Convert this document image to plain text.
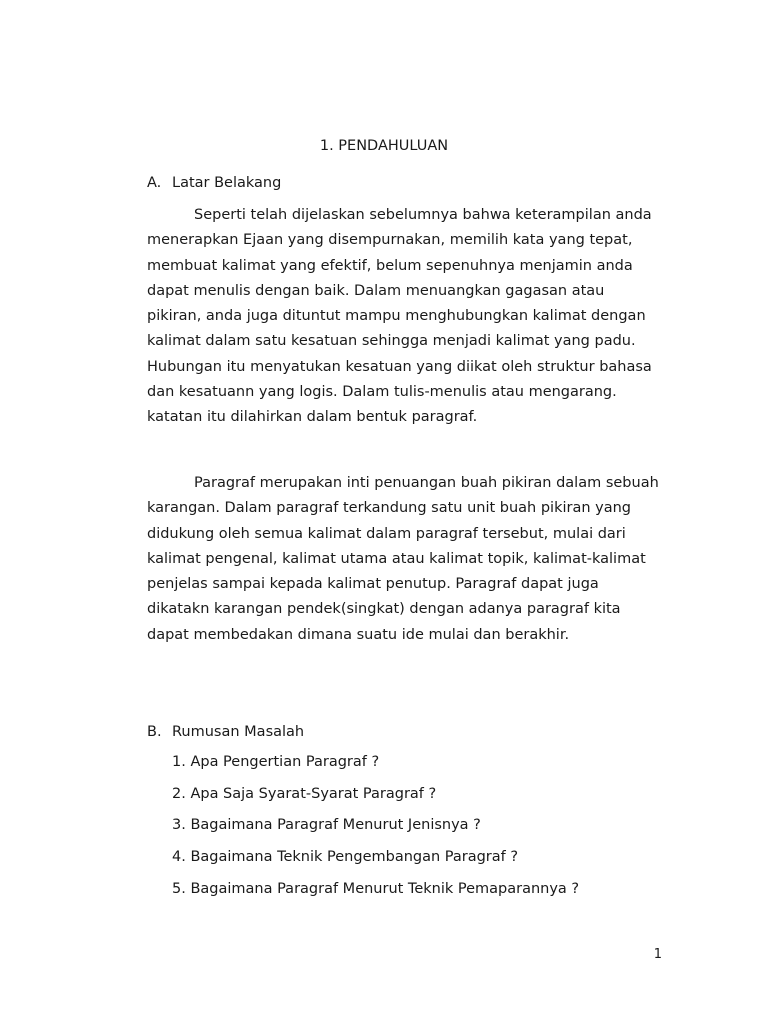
1. PENDAHULUAN
A. Latar Belakang

Seperti telah dijelaskan sebelumnya bahwa keterampilan anda menerapkan Ejaan yang disempurnakan, memilih kata yang tepat, membuat kalimat yang efektif, belum sepenuhnya menjamin anda dapat menulis dengan baik. Dalam menuangkan gagasan atau pikiran, anda juga dituntut mampu menghubungkan kalimat dengan kalimat dalam satu kesatuan sehingga menjadi kalimat yang padu. Hubungan itu menyatukan kesatuan yang diikat oleh struktur bahasa dan kesatuann yang logis. Dalam tulis-menulis atau mengarang. katatan itu dilahirkan dalam bentuk paragraf.

Paragraf merupakan inti penuangan buah pikiran dalam sebuah karangan. Dalam paragraf terkandung satu unit buah pikiran yang didukung oleh semua kalimat dalam paragraf tersebut, mulai dari kalimat pengenal, kalimat utama atau kalimat topik, kalimat-kalimat penjelas sampai kepada kalimat penutup. Paragraf dapat juga dikatakn karangan pendek(singkat) dengan adanya paragraf kita dapat membedakan dimana suatu ide mulai dan berakhir.

B. Rumusan Masalah
1. Apa Pengertian Paragraf ?
2. Apa Saja Syarat-Syarat Paragraf ?
3. Bagaimana Paragraf Menurut Jenisnya ?
4. Bagaimana Teknik Pengembangan Paragraf ?
5. Bagaimana Paragraf Menurut Teknik Pemaparannya ?

1
